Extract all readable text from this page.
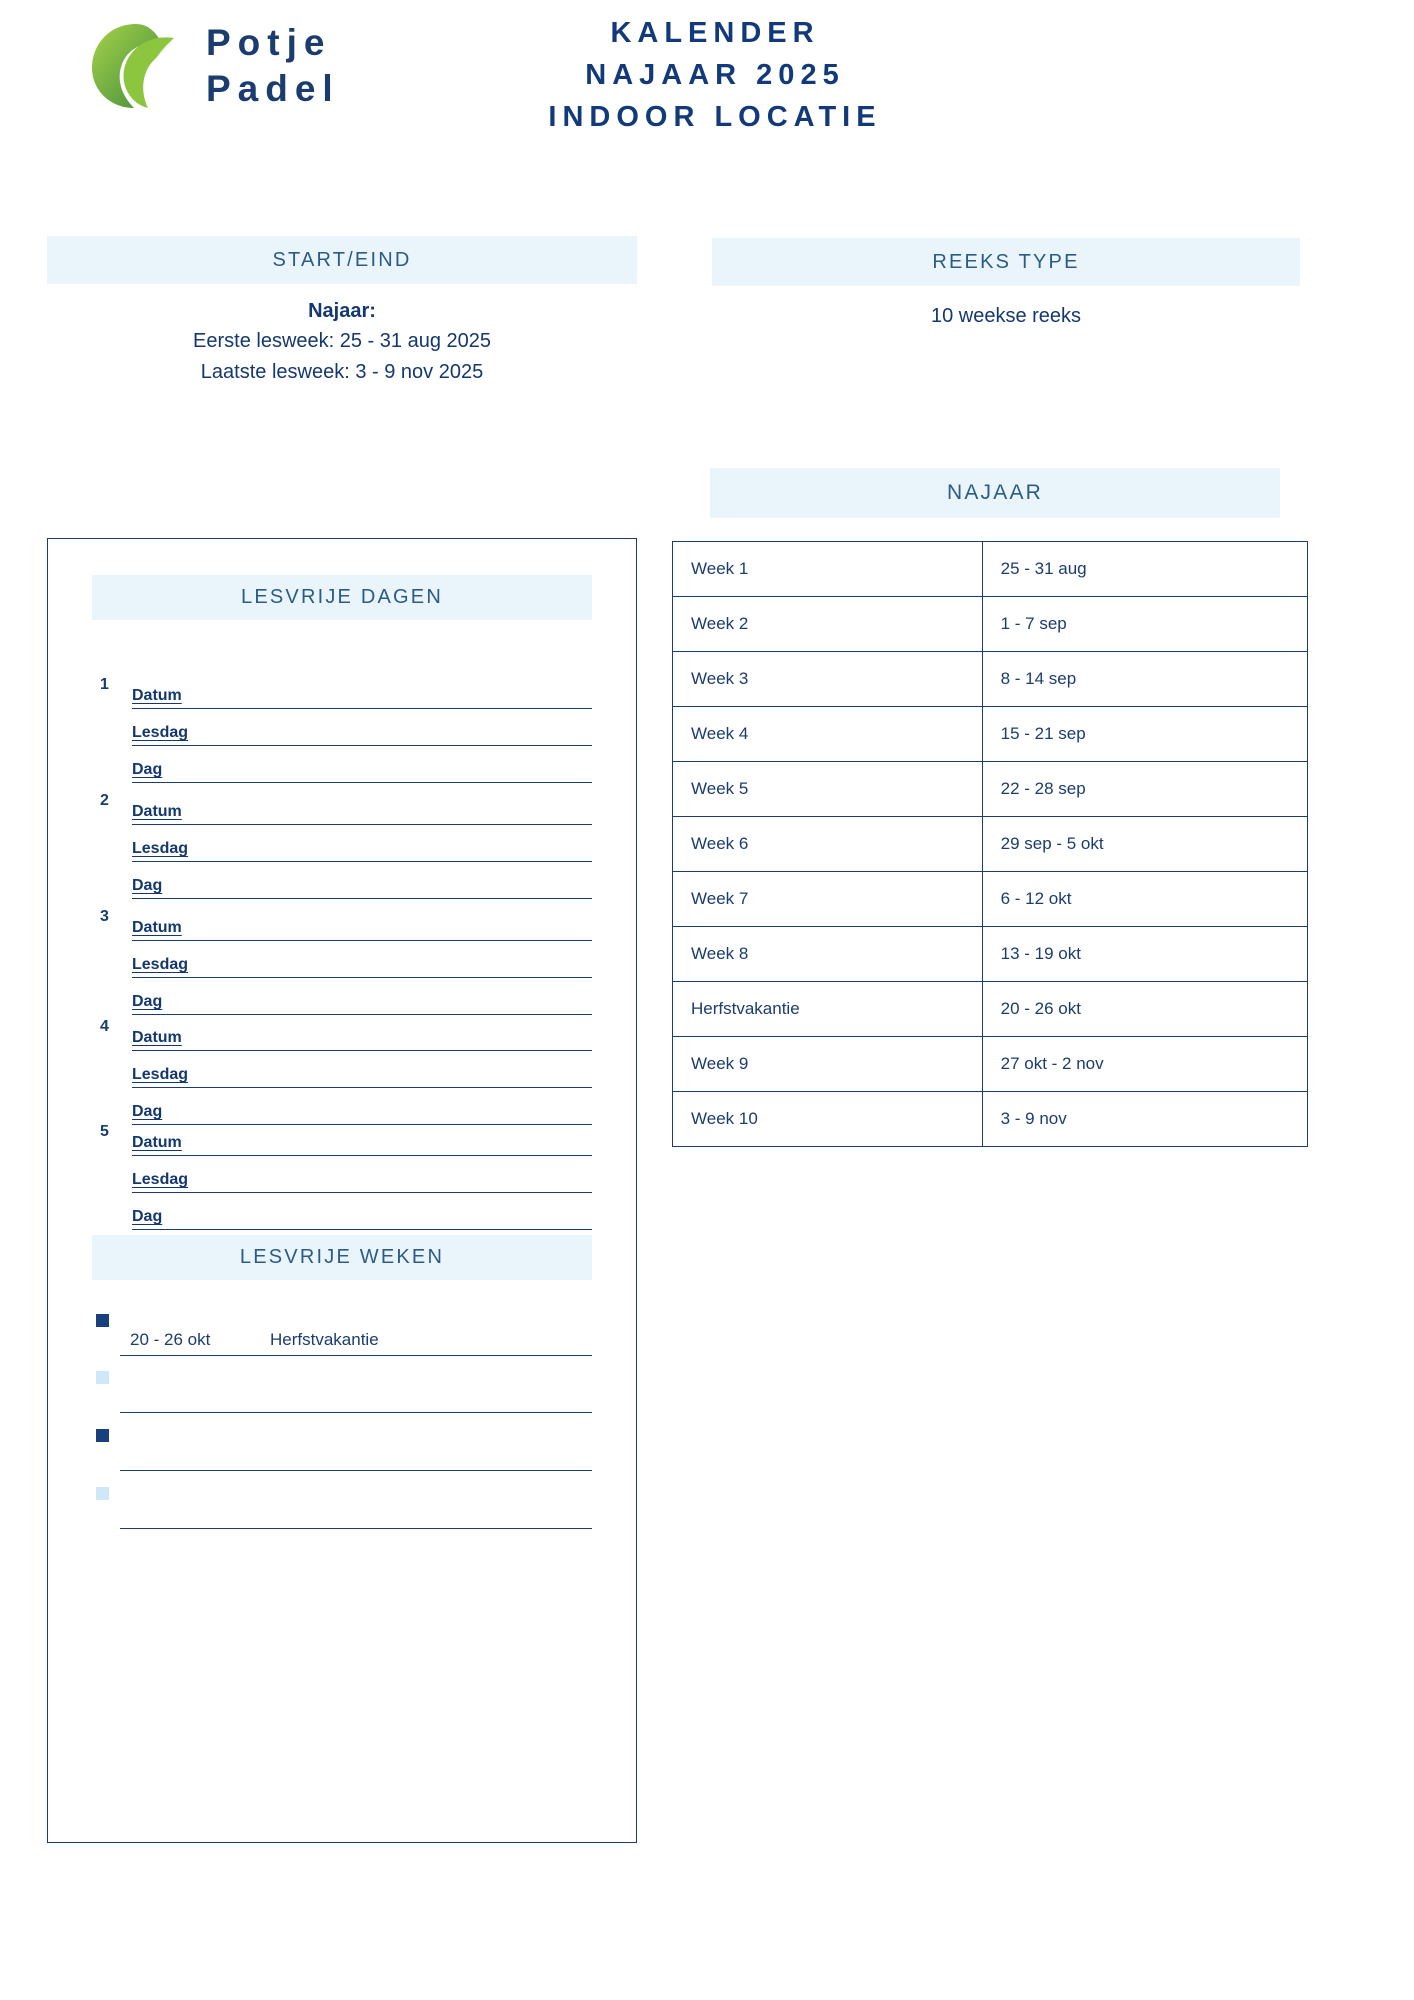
Potje
Padel
KALENDER
NAJAAR 2025
INDOOR LOCATIE
START/EIND
Najaar:
Eerste lesweek: 25 - 31 aug 2025
Laatste lesweek: 3 - 9 nov 2025
REEKS TYPE
10 weekse reeks
NAJAAR
Week 1	25 - 31 aug
Week 2	1 - 7 sep
Week 3	8 - 14 sep
Week 4	15 - 21 sep
Week 5	22 - 28 sep
Week 6	29 sep - 5 okt
Week 7	6 - 12 okt
Week 8	13 - 19 okt
Herfstvakantie	20 - 26 okt
Week 9	27 okt - 2 nov
Week 10	3 - 9 nov
LESVRIJE DAGEN
1
Datum
Lesdag
Dag
2
Datum
Lesdag
Dag
3
Datum
Lesdag
Dag
4
Datum
Lesdag
Dag
5
Datum
Lesdag
Dag
LESVRIJE WEKEN
20 - 26 okt	Herfstvakantie
